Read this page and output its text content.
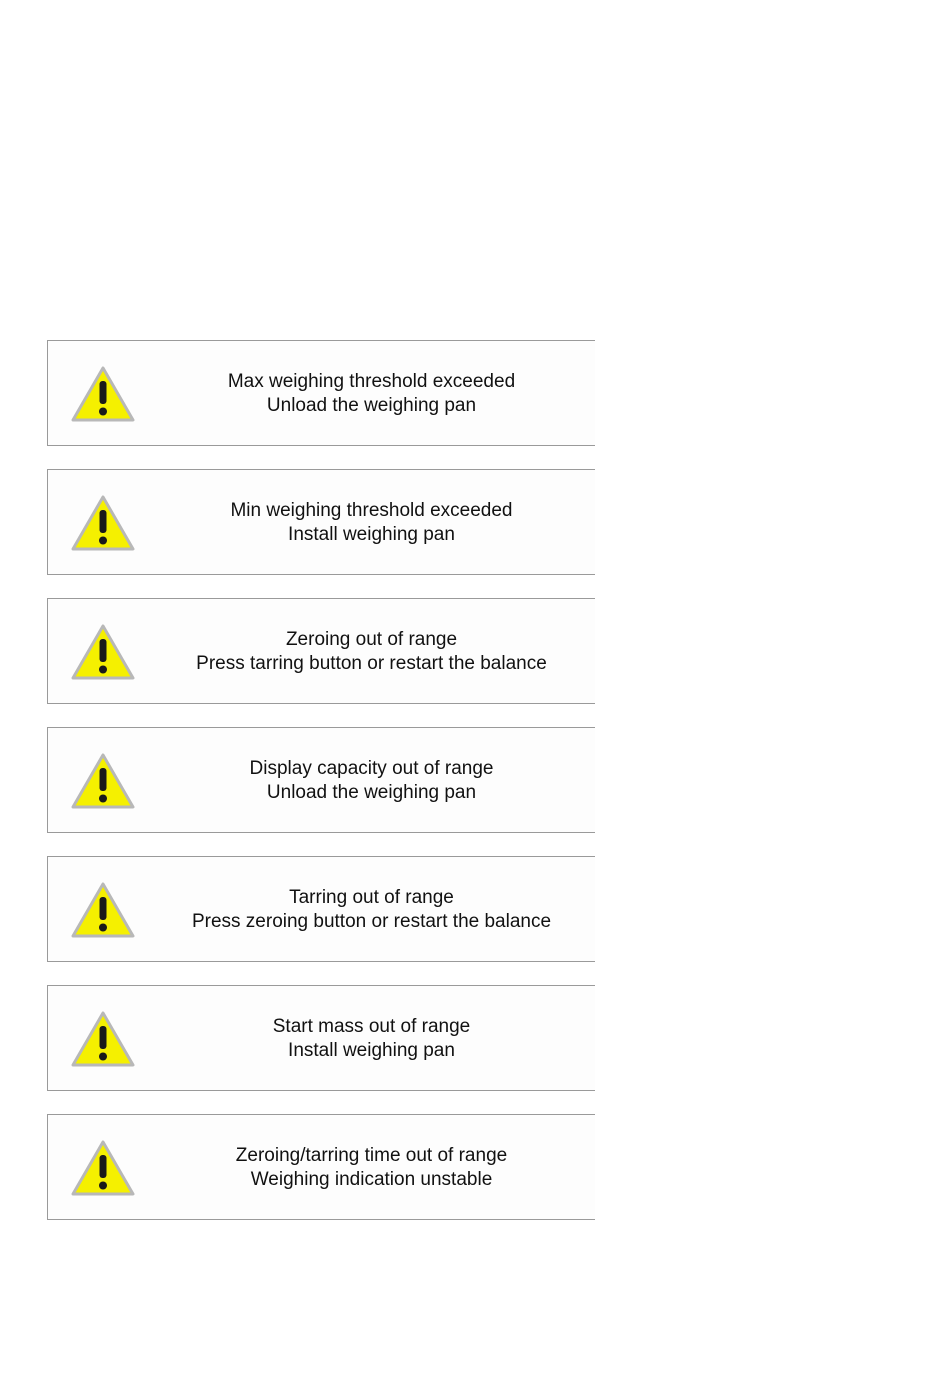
Max weighing threshold exceeded
Unload the weighing pan
Min weighing threshold exceeded
Install weighing pan
Zeroing out of range
Press tarring button or restart the balance
Display capacity out of range
Unload the weighing pan
Tarring out of range
Press zeroing button or restart the balance
Start mass out of range
Install weighing pan
Zeroing/tarring time out of range
Weighing indication unstable
